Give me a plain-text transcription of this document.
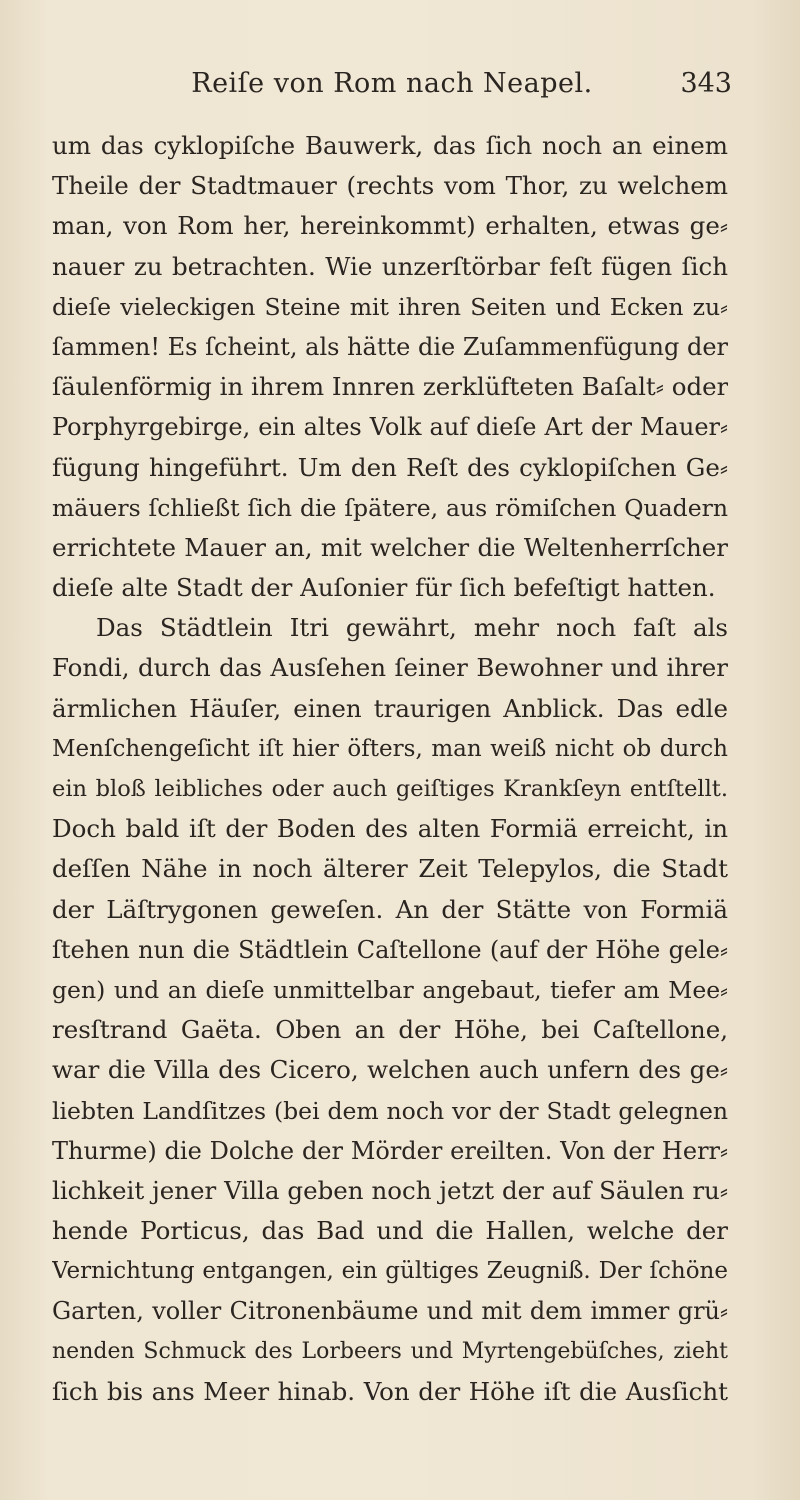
Reiſe von Rom nach Neapel.	343
um das cyklopiſche Bauwerk, das ſich noch an einem
Theile der Stadtmauer (rechts vom Thor, zu welchem
man, von Rom her, hereinkommt) erhalten, etwas ge⸗
nauer zu betrachten. Wie unzerſtörbar feſt fügen ſich
dieſe vieleckigen Steine mit ihren Seiten und Ecken zu⸗
ſammen! Es ſcheint, als hätte die Zuſammenfügung der
ſäulenförmig in ihrem Innren zerklüfteten Baſalt⸗ oder
Porphyrgebirge, ein altes Volk auf dieſe Art der Mauer⸗
fügung hingeführt. Um den Reſt des cyklopiſchen Ge⸗
mäuers ſchließt ſich die ſpätere, aus römiſchen Quadern
errichtete Mauer an, mit welcher die Weltenherrſcher
dieſe alte Stadt der Auſonier für ſich befeſtigt hatten.
Das Städtlein Itri gewährt, mehr noch faſt als
Fondi, durch das Ausſehen ſeiner Bewohner und ihrer
ärmlichen Häuſer, einen traurigen Anblick. Das edle
Menſchengeſicht iſt hier öfters, man weiß nicht ob durch
ein bloß leibliches oder auch geiſtiges Krankſeyn entſtellt.
Doch bald iſt der Boden des alten Formiä erreicht, in
deſſen Nähe in noch älterer Zeit Telepylos, die Stadt
der Läſtrygonen geweſen. An der Stätte von Formiä
ſtehen nun die Städtlein Caſtellone (auf der Höhe gele⸗
gen) und an dieſe unmittelbar angebaut, tiefer am Mee⸗
resſtrand Gaëta. Oben an der Höhe, bei Caſtellone,
war die Villa des Cicero, welchen auch unfern des ge⸗
liebten Landſitzes (bei dem noch vor der Stadt gelegnen
Thurme) die Dolche der Mörder ereilten. Von der Herr⸗
lichkeit jener Villa geben noch jetzt der auf Säulen ru⸗
hende Porticus, das Bad und die Hallen, welche der
Vernichtung entgangen, ein gültiges Zeugniß. Der ſchöne
Garten, voller Citronenbäume und mit dem immer grü⸗
nenden Schmuck des Lorbeers und Myrtengebüſches, zieht
ſich bis ans Meer hinab. Von der Höhe iſt die Ausſicht
